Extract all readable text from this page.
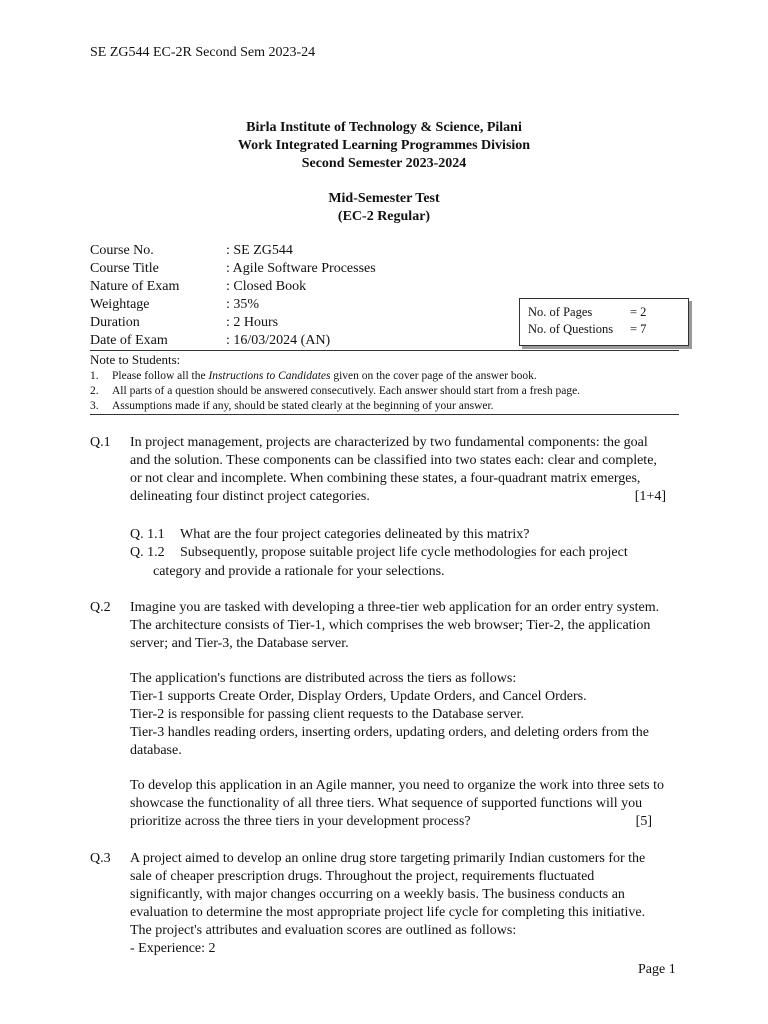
SE ZG544 EC-2R Second Sem 2023-24
Birla Institute of Technology & Science, Pilani
Work Integrated Learning Programmes Division
Second Semester 2023-2024
Mid-Semester Test
(EC-2 Regular)
Course No.	: SE ZG544
Course Title	: Agile Software Processes
Nature of Exam	: Closed Book
Weightage	: 35%
Duration	: 2 Hours
Date of Exam	: 16/03/2024 (AN)
No. of Pages	= 2
No. of Questions = 7
Note to Students:
1. Please follow all the Instructions to Candidates given on the cover page of the answer book.
2. All parts of a question should be answered consecutively. Each answer should start from a fresh page.
3. Assumptions made if any, should be stated clearly at the beginning of your answer.
Q.1 In project management, projects are characterized by two fundamental components: the goal and the solution. These components can be classified into two states each: clear and complete, or not clear and incomplete. When combining these states, a four-quadrant matrix emerges, delineating four distinct project categories.	[1+4]
Q. 1.1 What are the four project categories delineated by this matrix?
Q. 1.2 Subsequently, propose suitable project life cycle methodologies for each project
category and provide a rationale for your selections.
Q.2 Imagine you are tasked with developing a three-tier web application for an order entry system. The architecture consists of Tier-1, which comprises the web browser; Tier-2, the application server; and Tier-3, the Database server.

The application's functions are distributed across the tiers as follows:

Tier-1 supports Create Order, Display Orders, Update Orders, and Cancel Orders.

Tier-2 is responsible for passing client requests to the Database server.

Tier-3 handles reading orders, inserting orders, updating orders, and deleting orders from the database.

To develop this application in an Agile manner, you need to organize the work into three sets to showcase the functionality of all three tiers. What sequence of supported functions will you prioritize across the three tiers in your development process?	[5]

Q.3 A project aimed to develop an online drug store targeting primarily Indian customers for the sale of cheaper prescription drugs. Throughout the project, requirements fluctuated significantly, with major changes occurring on a weekly basis. The business conducts an evaluation to determine the most appropriate project life cycle for completing this initiative. The project's attributes and evaluation scores are outlined as follows:

- Experience: 2

Page 1
